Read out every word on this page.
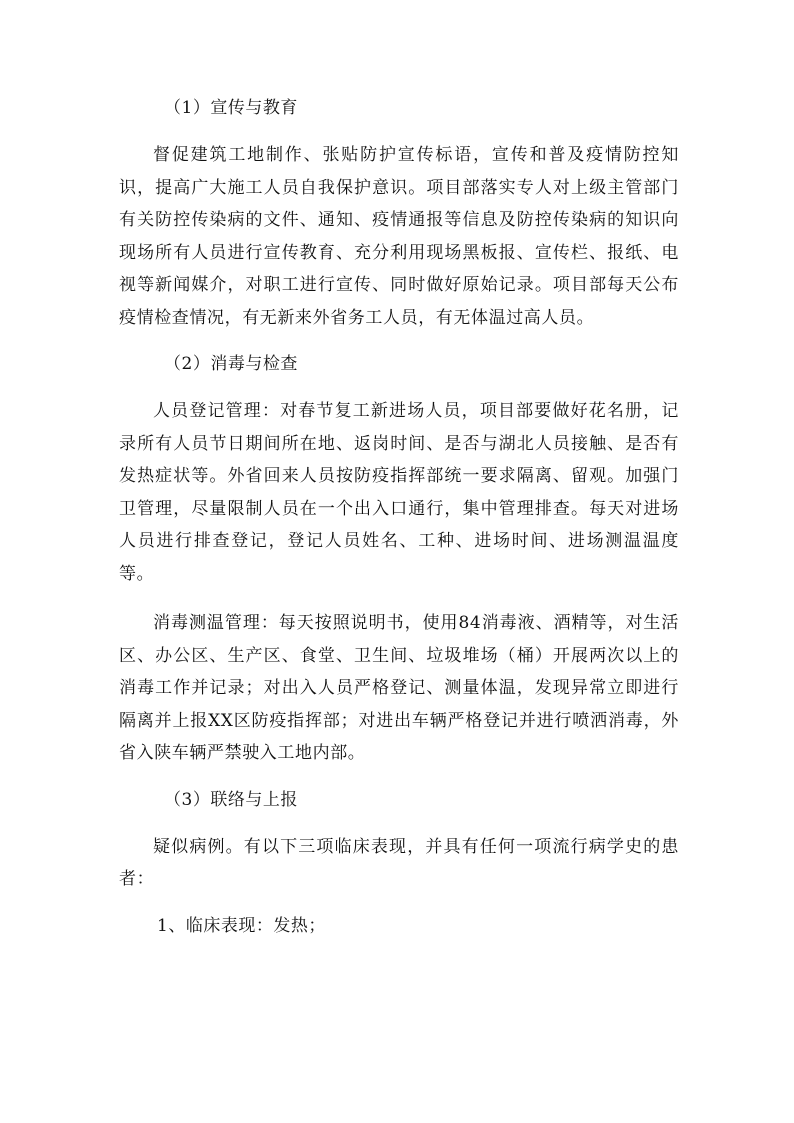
（1）宣传与教育

督促建筑工地制作、张贴防护宣传标语，宣传和普及疫情防控知识，提高广大施工人员自我保护意识。项目部落实专人对上级主管部门有关防控传染病的文件、通知、疫情通报等信息及防控传染病的知识向现场所有人员进行宣传教育、充分利用现场黑板报、宣传栏、报纸、电视等新闻媒介，对职工进行宣传、同时做好原始记录。项目部每天公布疫情检查情况，有无新来外省务工人员，有无体温过高人员。

（2）消毒与检查

人员登记管理：对春节复工新进场人员，项目部要做好花名册，记录所有人员节日期间所在地、返岗时间、是否与湖北人员接触、是否有发热症状等。外省回来人员按防疫指挥部统一要求隔离、留观。加强门卫管理，尽量限制人员在一个出入口通行，集中管理排查。每天对进场人员进行排查登记，登记人员姓名、工种、进场时间、进场测温温度等。

消毒测温管理：每天按照说明书，使用84消毒液、酒精等，对生活区、办公区、生产区、食堂、卫生间、垃圾堆场（桶）开展两次以上的消毒工作并记录；对出入人员严格登记、测量体温，发现异常立即进行隔离并上报XX区防疫指挥部；对进出车辆严格登记并进行喷洒消毒，外省入陕车辆严禁驶入工地内部。

（3）联络与上报

疑似病例。有以下三项临床表现，并具有任何一项流行病学史的患者：

1、临床表现：发热；
